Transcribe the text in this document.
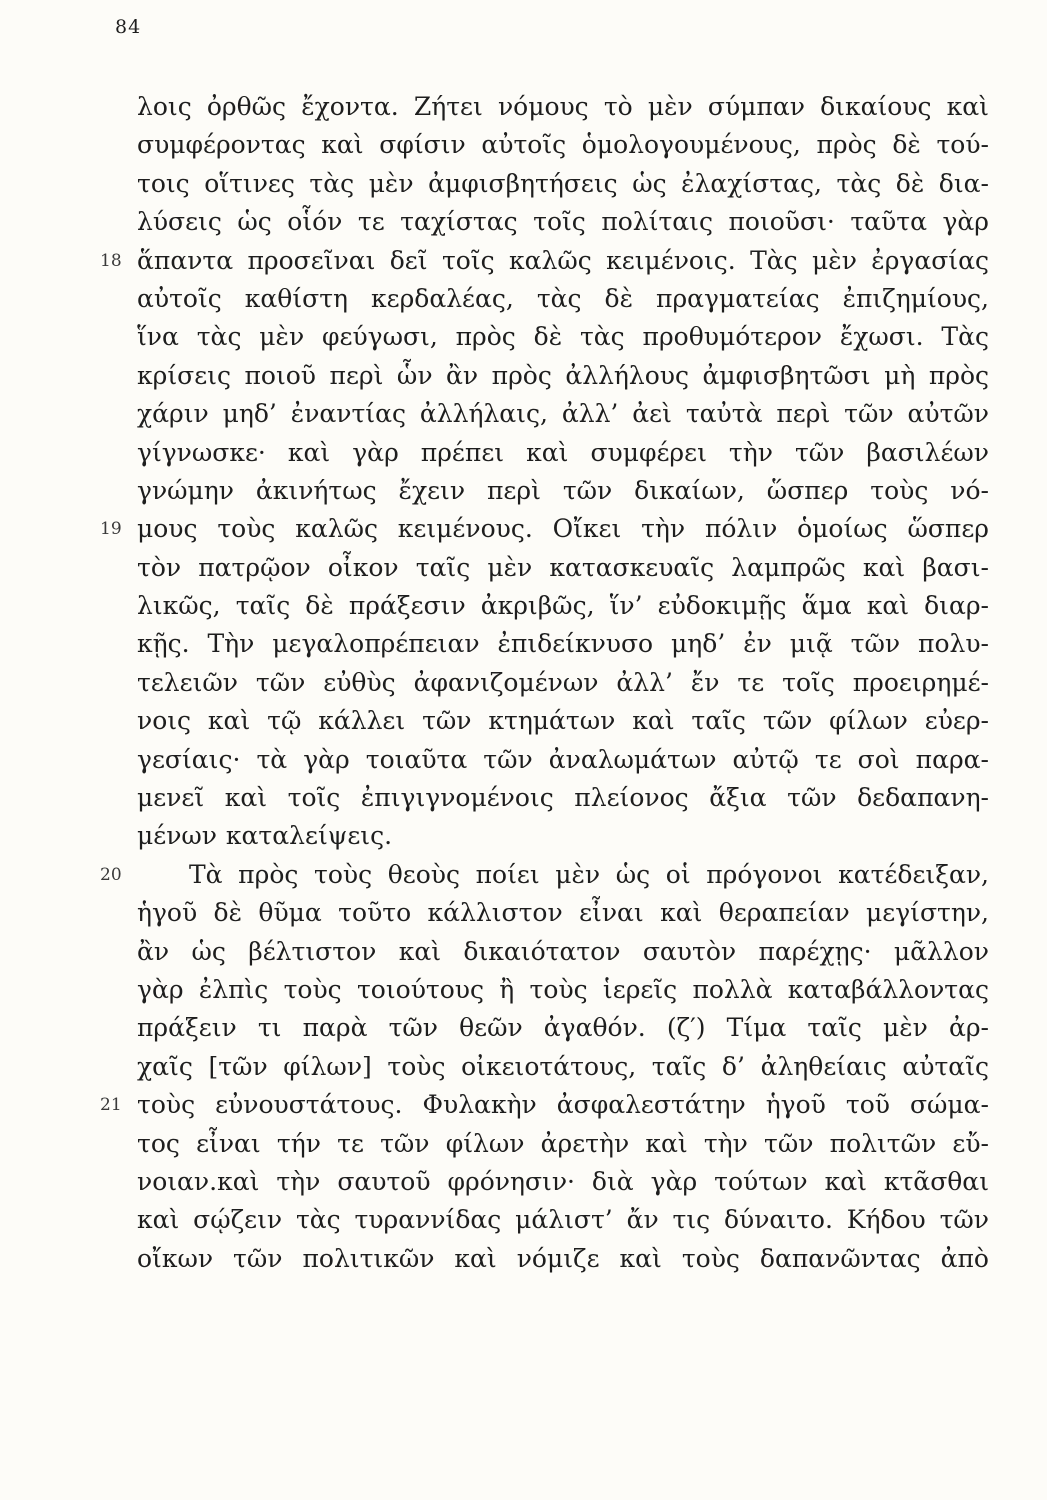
84
λοις ὀρθῶς ἔχοντα. Ζήτει νόμους τὸ μὲν σύμπαν δικαίους καὶ
συμφέροντας καὶ σφίσιν αὐτοῖς ὁμολογουμένους, πρὸς δὲ τού-
τοις οἵτινες τὰς μὲν ἀμφισβητήσεις ὡς ἐλαχίστας, τὰς δὲ δια-
λύσεις ὡς οἷόν τε ταχίστας τοῖς πολίταις ποιοῦσι· ταῦτα γὰρ
18 ἅπαντα προσεῖναι δεῖ τοῖς καλῶς κειμένοις. Τὰς μὲν ἐργασίας
αὐτοῖς καθίστη κερδαλέας, τὰς δὲ πραγματείας ἐπιζημίους,
ἵνα τὰς μὲν φεύγωσι, πρὸς δὲ τὰς προθυμότερον ἔχωσι. Τὰς
κρίσεις ποιοῦ περὶ ὧν ἂν πρὸς ἀλλήλους ἀμφισβητῶσι μὴ πρὸς
χάριν μηδ’ ἐναντίας ἀλλήλαις, ἀλλ’ ἀεὶ ταὐτὰ περὶ τῶν αὐτῶν
γίγνωσκε· καὶ γὰρ πρέπει καὶ συμφέρει τὴν τῶν βασιλέων
γνώμην ἀκινήτως ἔχειν περὶ τῶν δικαίων, ὥσπερ τοὺς νό-
19 μους τοὺς καλῶς κειμένους. Οἴκει τὴν πόλιν ὁμοίως ὥσπερ
τὸν πατρῷον οἶκον ταῖς μὲν κατασκευαῖς λαμπρῶς καὶ βασι-
λικῶς, ταῖς δὲ πράξεσιν ἀκριβῶς, ἵν’ εὐδοκιμῇς ἅμα καὶ διαρ-
κῇς. Τὴν μεγαλοπρέπειαν ἐπιδείκνυσο μηδ’ ἐν μιᾷ τῶν πολυ-
τελειῶν τῶν εὐθὺς ἀφανιζομένων ἀλλ’ ἔν τε τοῖς προειρημέ-
νοις καὶ τῷ κάλλει τῶν κτημάτων καὶ ταῖς τῶν φίλων εὐερ-
γεσίαις· τὰ γὰρ τοιαῦτα τῶν ἀναλωμάτων αὐτῷ τε σοὶ παρα-
μενεῖ καὶ τοῖς ἐπιγιγνομένοις πλείονος ἄξια τῶν δεδαπανη-
μένων καταλείψεις.
20	Τὰ πρὸς τοὺς θεοὺς ποίει μὲν ὡς οἱ πρόγονοι κατέδειξαν,
ἡγοῦ δὲ θῦμα τοῦτο κάλλιστον εἶναι καὶ θεραπείαν μεγίστην,
ἂν ὡς βέλτιστον καὶ δικαιότατον σαυτὸν παρέχῃς· μᾶλλον
γὰρ ἐλπὶς τοὺς τοιούτους ἢ τοὺς ἱερεῖς πολλὰ καταβάλλοντας
πράξειν τι παρὰ τῶν θεῶν ἀγαθόν. (ζ′) Τίμα ταῖς μὲν ἀρ-
χαῖς [τῶν φίλων] τοὺς οἰκειοτάτους, ταῖς δ’ ἀληθείαις αὐταῖς
21 τοὺς εὐνουστάτους. Φυλακὴν ἀσφαλεστάτην ἡγοῦ τοῦ σώμα-
τος εἶναι τήν τε τῶν φίλων ἀρετὴν καὶ τὴν τῶν πολιτῶν εὔ-
νοιαν.καὶ τὴν σαυτοῦ φρόνησιν· διὰ γὰρ τούτων καὶ κτᾶσθαι
καὶ σῴζειν τὰς τυραννίδας μάλιστ’ ἄν τις δύναιτο. Κήδου τῶν
οἴκων τῶν πολιτικῶν καὶ νόμιζε καὶ τοὺς δαπανῶντας ἀπὸ
